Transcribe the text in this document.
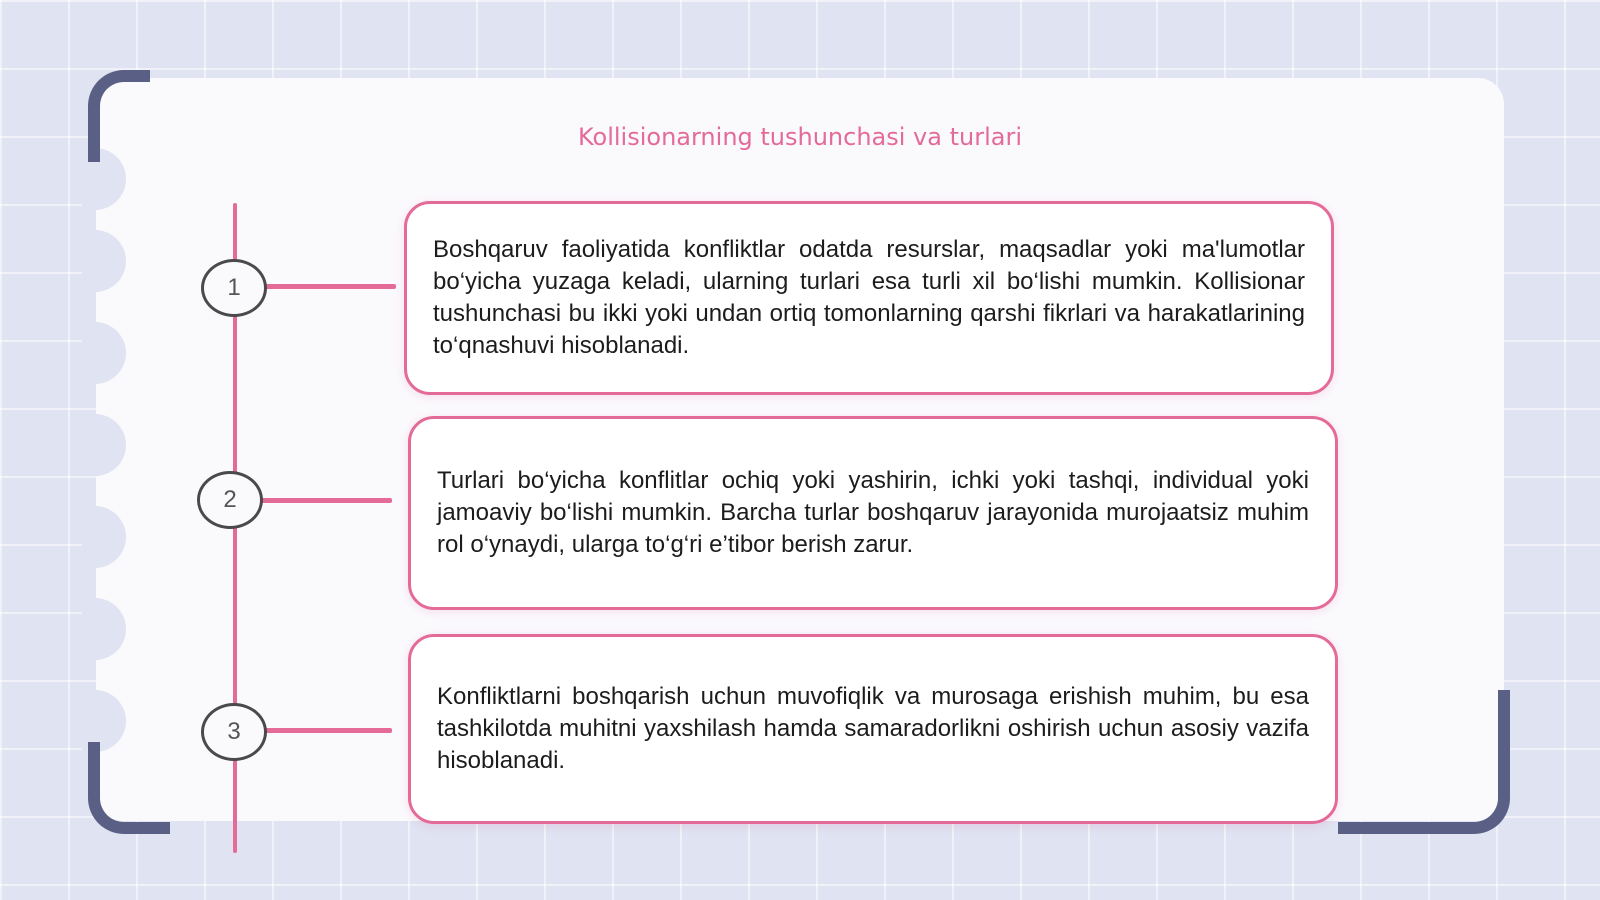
Kollisionarning tushunchasi va turlari
1
2
3

Boshqaruv faoliyatida konfliktlar odatda resurslar, maqsadlar yoki ma'lumotlar bo‘yicha yuzaga keladi, ularning turlari esa turli xil bo‘lishi mumkin. Kollisionar tushunchasi bu ikki yoki undan ortiq tomonlarning qarshi fikrlari va harakatlarining to‘qnashuvi hisoblanadi.

Turlari bo‘yicha konflitlar ochiq yoki yashirin, ichki yoki tashqi, individual yoki jamoaviy bo‘lishi mumkin. Barcha turlar boshqaruv jarayonida murojaatsiz muhim rol o‘ynaydi, ularga to‘g‘ri e’tibor berish zarur.

Konfliktlarni boshqarish uchun muvofiqlik va murosaga erishish muhim, bu esa tashkilotda muhitni yaxshilash hamda samaradorlikni oshirish uchun asosiy vazifa hisoblanadi.
